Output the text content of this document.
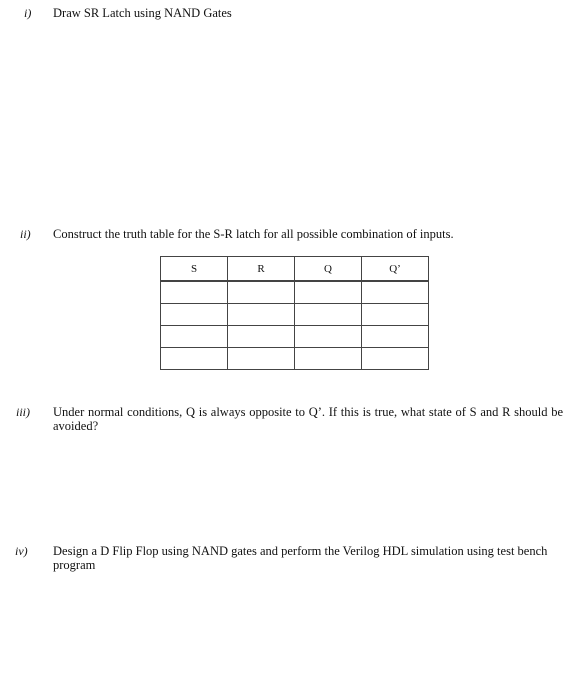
i) Draw SR Latch using NAND Gates
ii) Construct the truth table for the S-R latch for all possible combination of inputs.
S	R	Q	Q’

iii) Under normal conditions, Q is always opposite to Q’. If this is true, what state of S and R should be avoided?
iv) Design a D Flip Flop using NAND gates and perform the Verilog HDL simulation using test bench program
